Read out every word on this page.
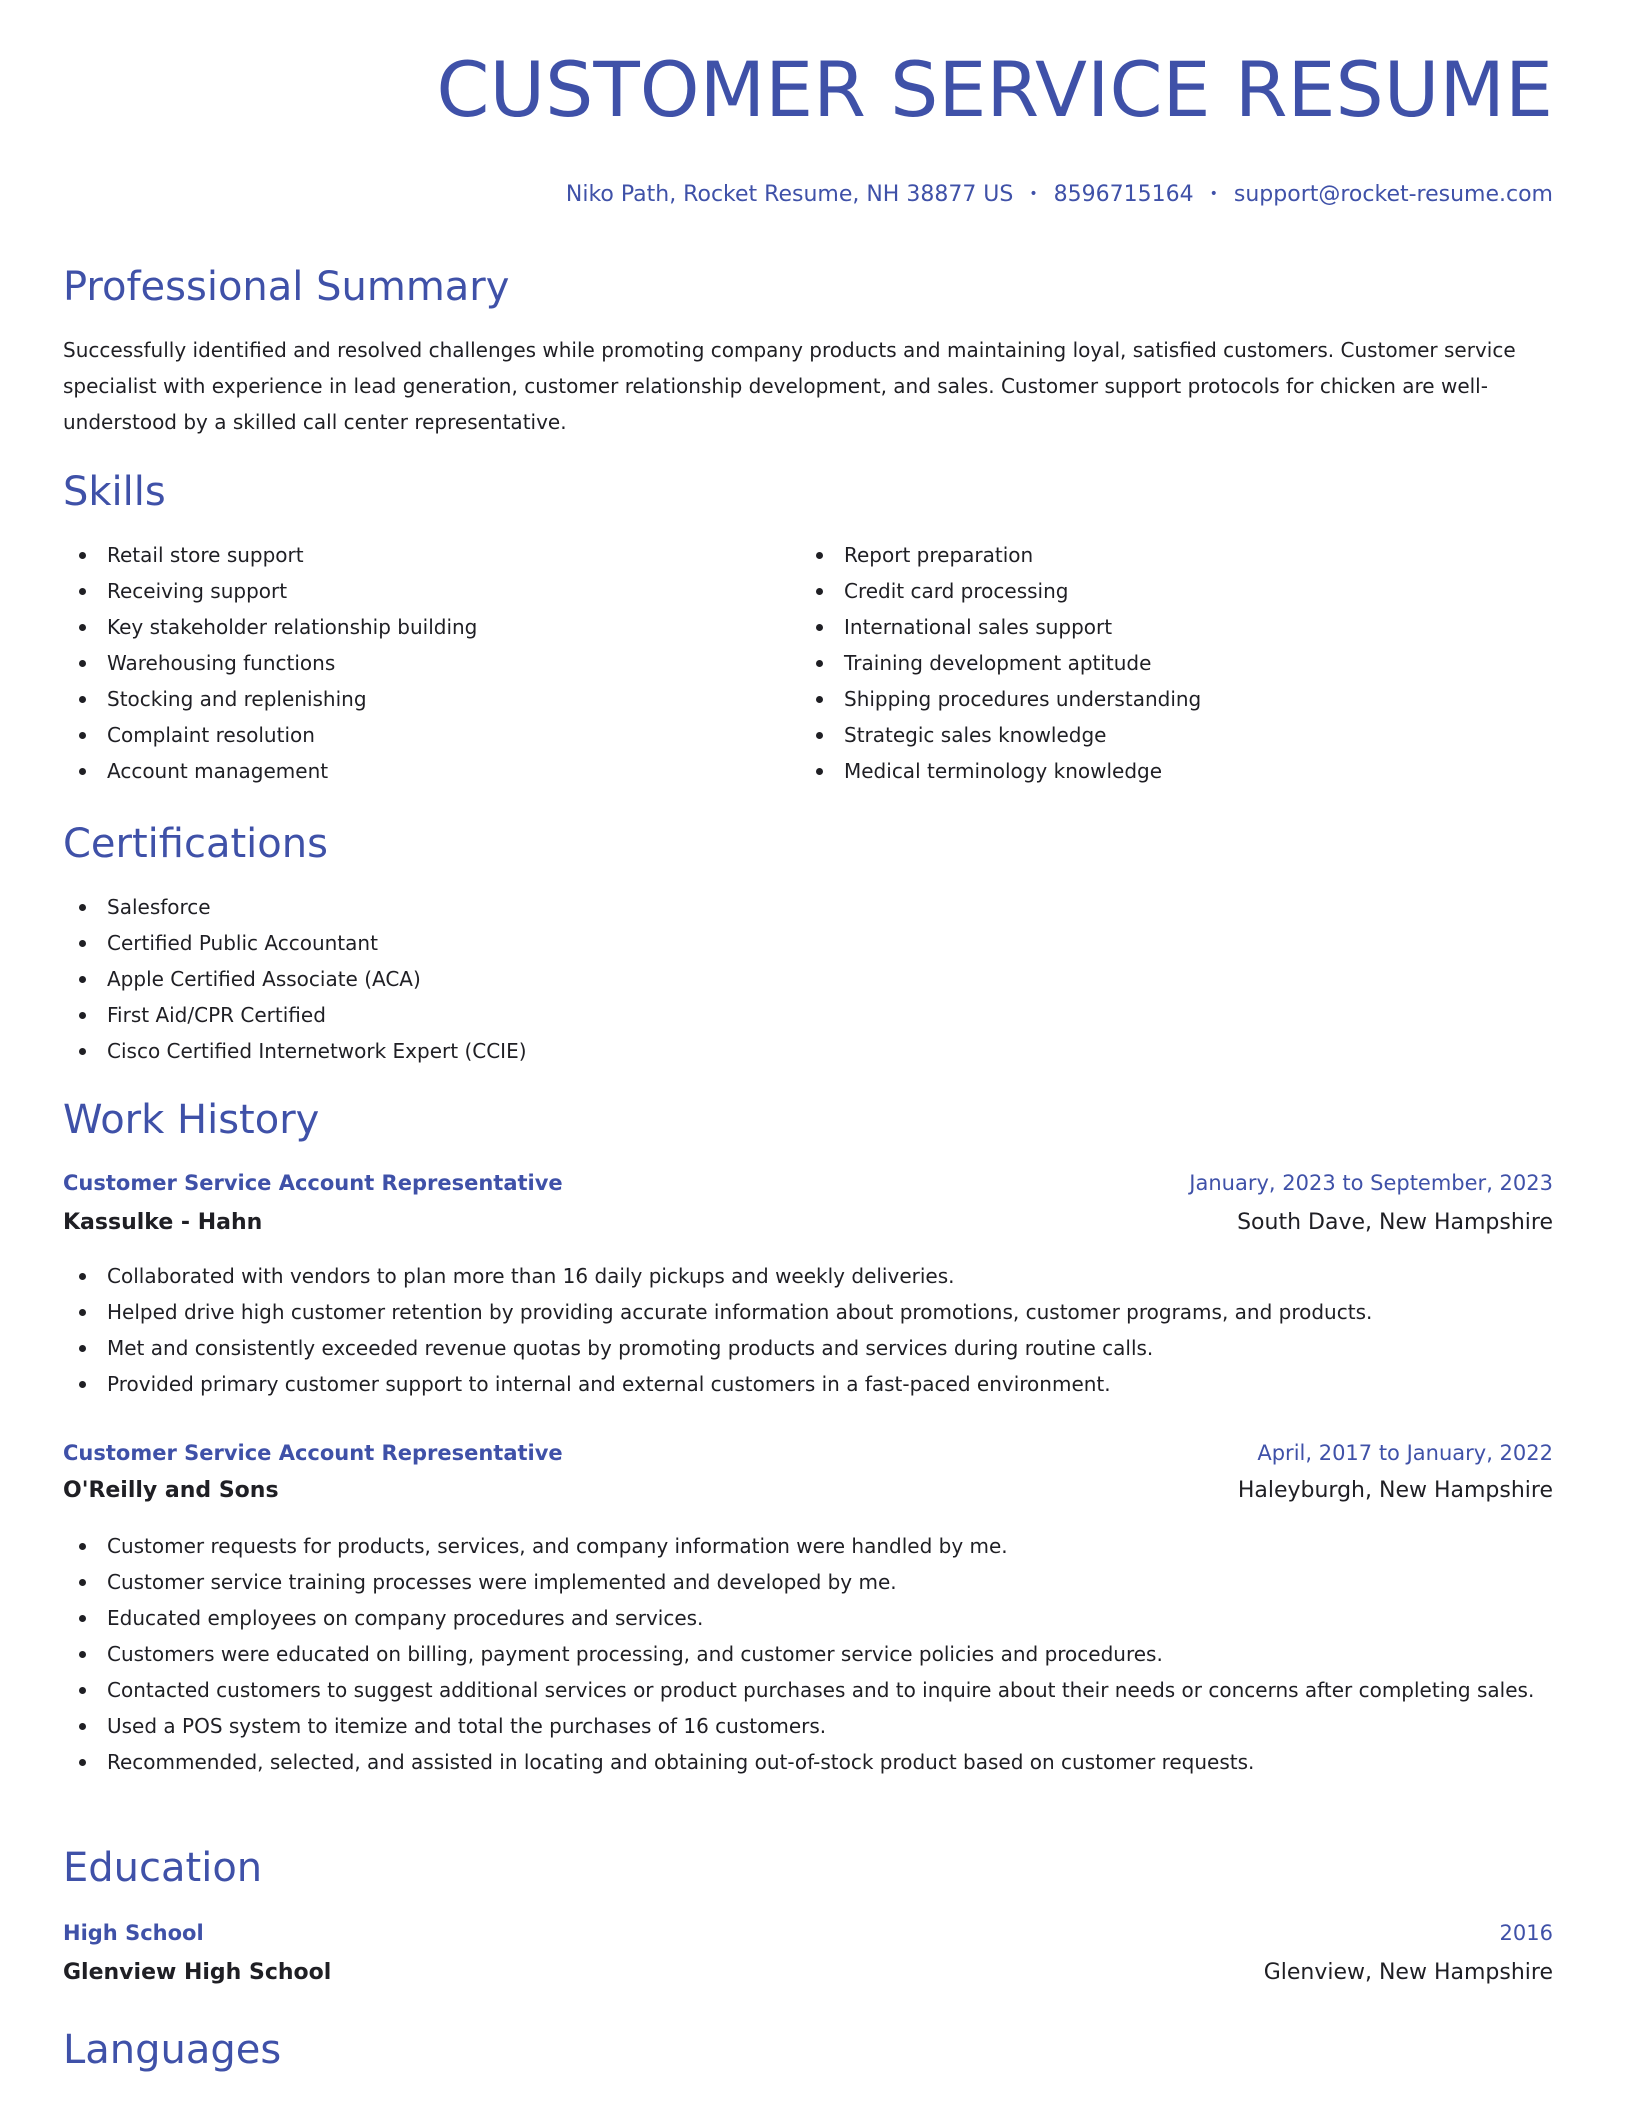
CUSTOMER SERVICE RESUME
Niko Path, Rocket Resume, NH 38877 US • 8596715164 • support@rocket-resume.com
Professional Summary

Successfully identified and resolved challenges while promoting company products and maintaining loyal, satisfied customers. Customer service specialist with experience in lead generation, customer relationship development, and sales. Customer support protocols for chicken are well-understood by a skilled call center representative.

Skills
Retail store support
Receiving support
Key stakeholder relationship building
Warehousing functions
Stocking and replenishing
Complaint resolution
Account management
Report preparation
Credit card processing
International sales support
Training development aptitude
Shipping procedures understanding
Strategic sales knowledge
Medical terminology knowledge
Certifications
Salesforce
Certified Public Accountant
Apple Certified Associate (ACA)
First Aid/CPR Certified
Cisco Certified Internetwork Expert (CCIE)
Work History
Customer Service Account Representative	January, 2023 to September, 2023
Kassulke - Hahn	South Dave, New Hampshire
Collaborated with vendors to plan more than 16 daily pickups and weekly deliveries.
Helped drive high customer retention by providing accurate information about promotions, customer programs, and products.
Met and consistently exceeded revenue quotas by promoting products and services during routine calls.
Provided primary customer support to internal and external customers in a fast-paced environment.
Customer Service Account Representative	April, 2017 to January, 2022
O'Reilly and Sons	Haleyburgh, New Hampshire
Customer requests for products, services, and company information were handled by me.
Customer service training processes were implemented and developed by me.
Educated employees on company procedures and services.
Customers were educated on billing, payment processing, and customer service policies and procedures.
Contacted customers to suggest additional services or product purchases and to inquire about their needs or concerns after completing sales.
Used a POS system to itemize and total the purchases of 16 customers.
Recommended, selected, and assisted in locating and obtaining out-of-stock product based on customer requests.
Education
High School	2016
Glenview High School	Glenview, New Hampshire
Languages
